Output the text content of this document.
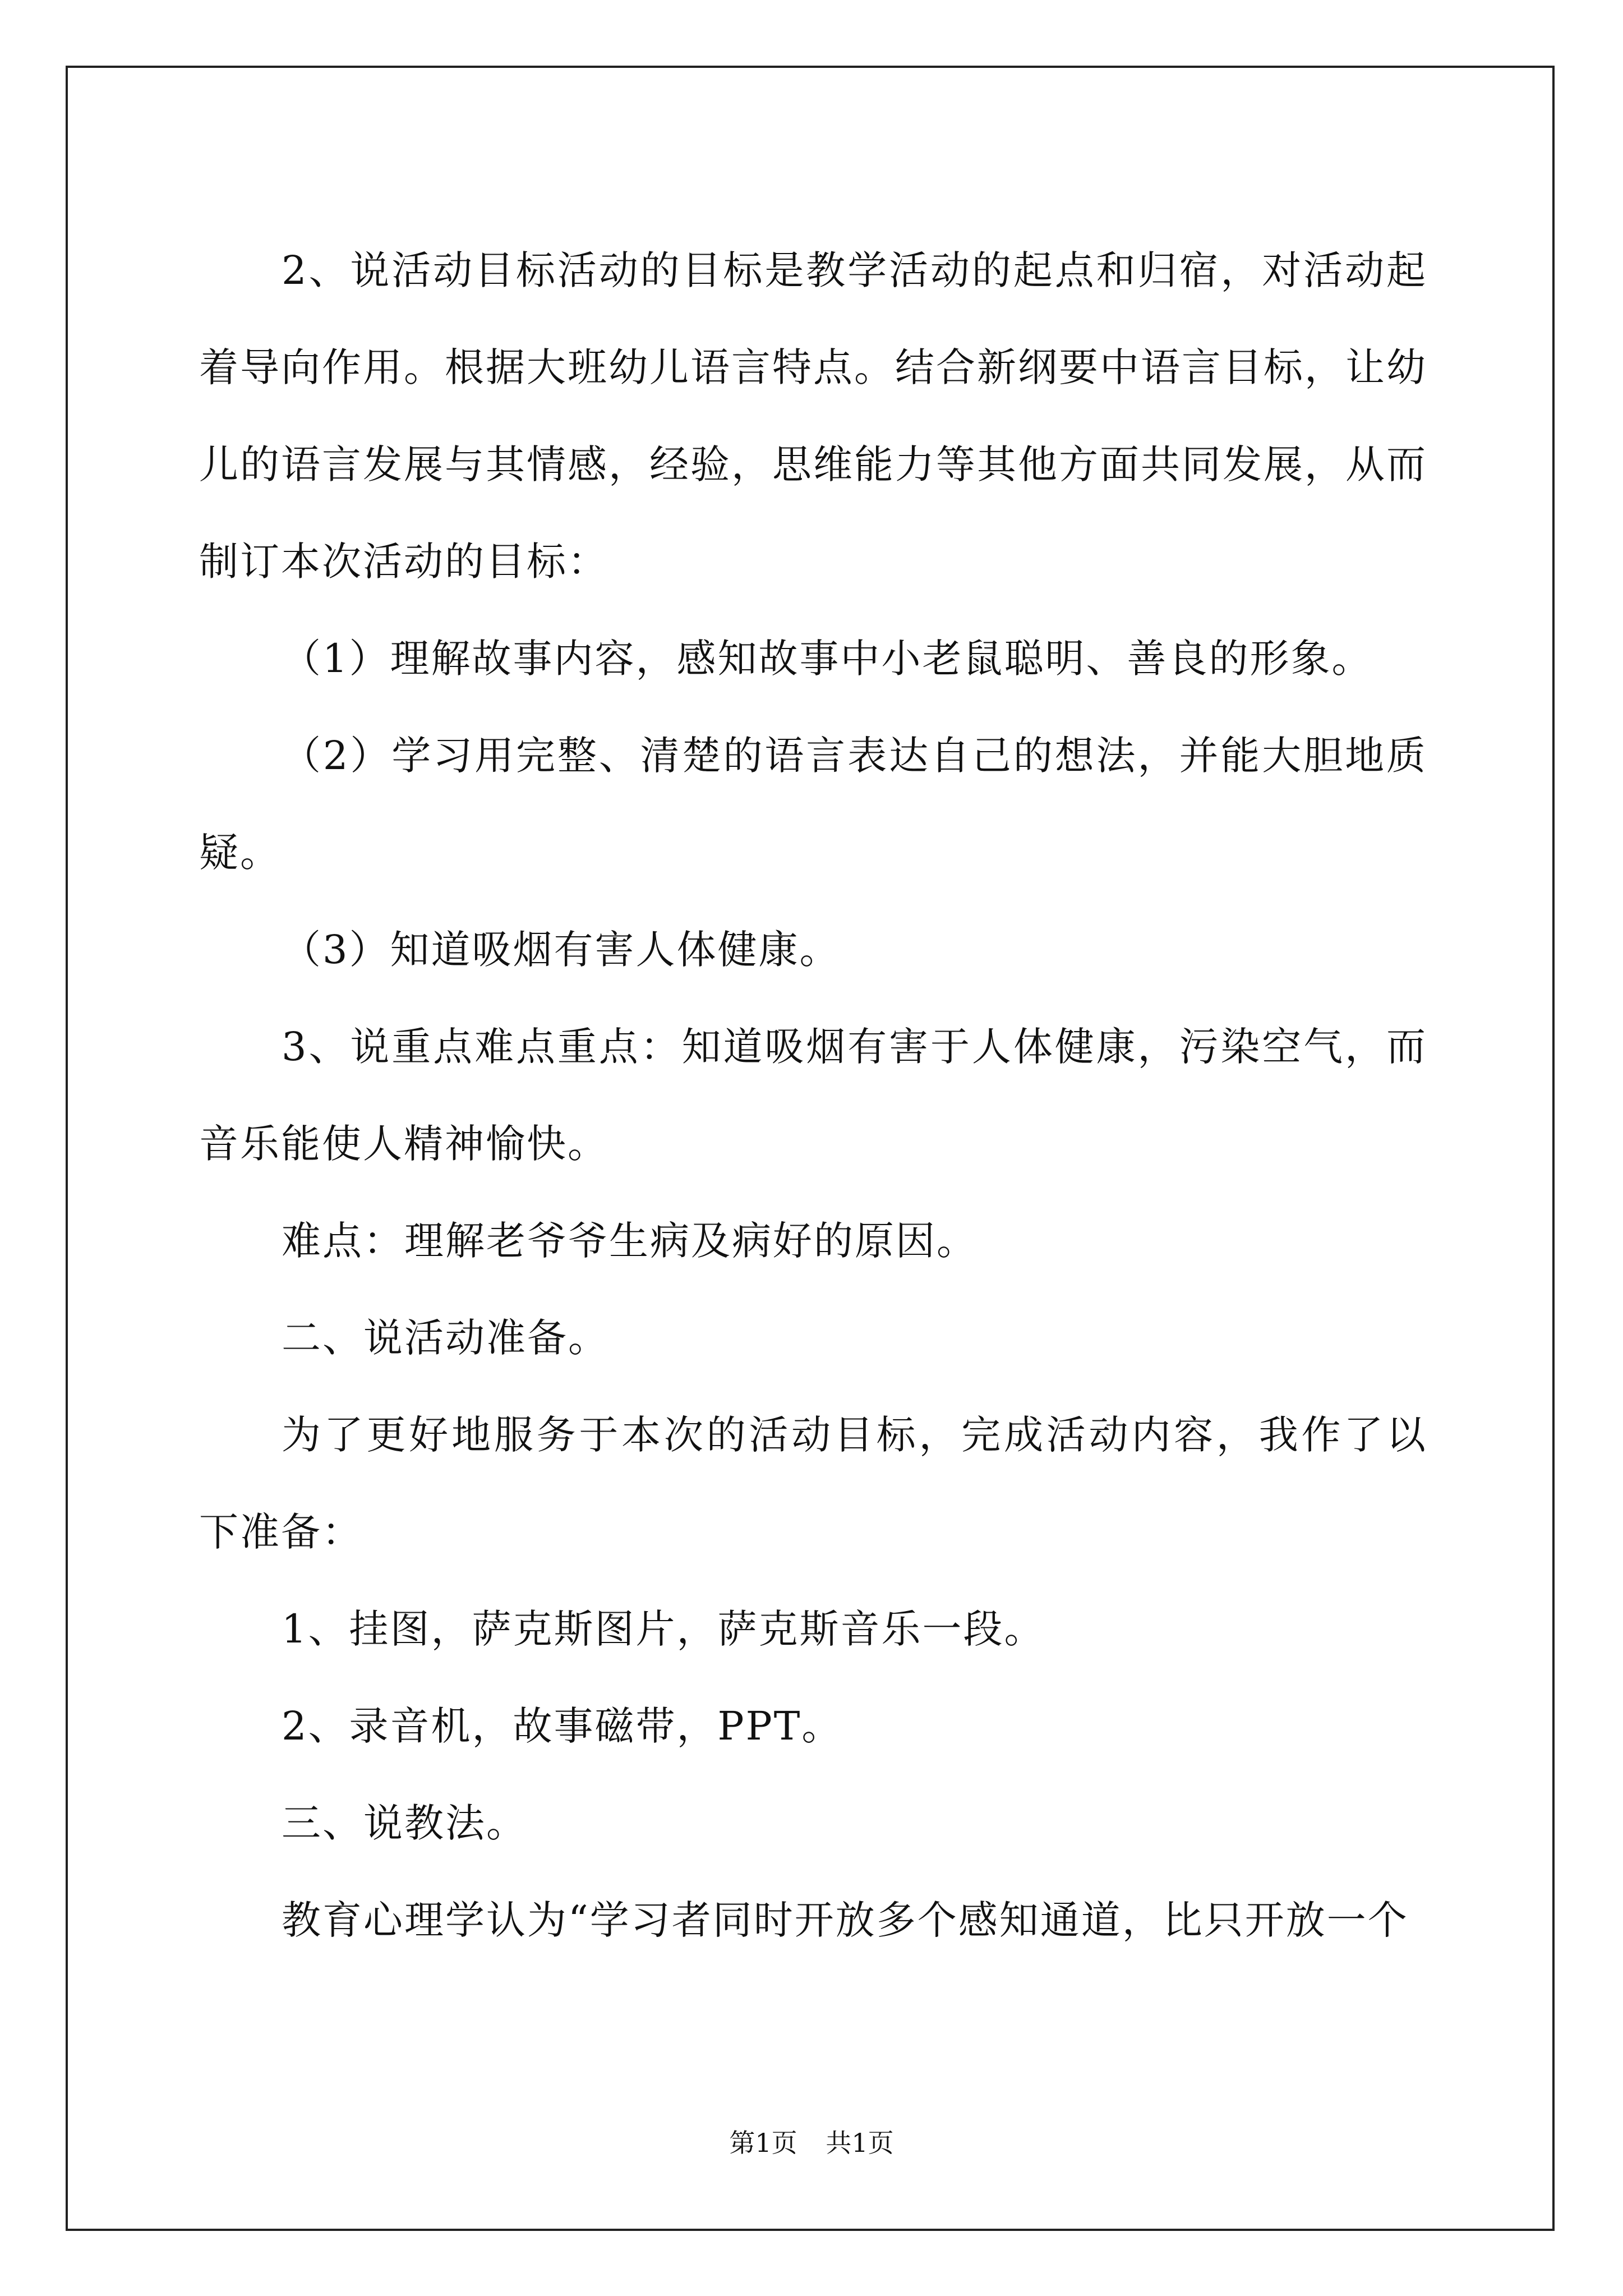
2、说活动目标活动的目标是教学活动的起点和归宿，对活动起着导向作用。根据大班幼儿语言特点。结合新纲要中语言目标，让幼儿的语言发展与其情感，经验，思维能力等其他方面共同发展，从而制订本次活动的目标：

（1）理解故事内容，感知故事中小老鼠聪明、善良的形象。

（2）学习用完整、清楚的语言表达自己的想法，并能大胆地质疑。

（3）知道吸烟有害人体健康。

3、说重点难点重点：知道吸烟有害于人体健康，污染空气，而音乐能使人精神愉快。

难点：理解老爷爷生病及病好的原因。

二、说活动准备。

为了更好地服务于本次的活动目标，完成活动内容，我作了以下准备：

1、挂图，萨克斯图片，萨克斯音乐一段。

2、录音机，故事磁带，PPT。

三、说教法。

教育心理学认为“学习者同时开放多个感知通道，比只开放一个

第1页 共1页
